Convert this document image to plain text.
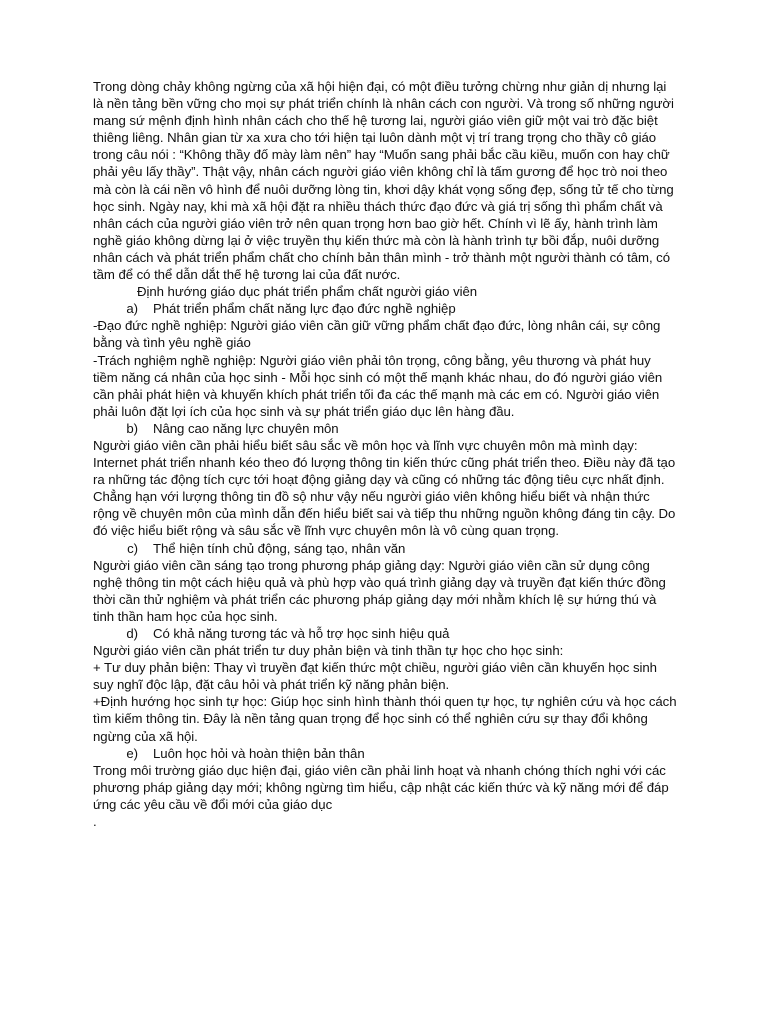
Trong dòng chảy không ngừng của xã hội hiện đại, có một điều tưởng chừng như giản dị nhưng lại là nền tảng bền vững cho mọi sự phát triển chính là nhân cách con người. Và trong số những người mang sứ mệnh định hình nhân cách cho thế hệ tương lai, người giáo viên giữ một vai trò đặc biệt thiêng liêng. Nhân gian từ xa xưa cho tới hiện tại luôn dành một vị trí trang trọng cho thầy cô giáo trong câu nói : “Không thầy đố mày làm nên” hay “Muốn sang phải bắc cầu kiều, muốn con hay chữ phải yêu lấy thầy”. Thật vậy, nhân cách người giáo viên không chỉ là tấm gương để học trò noi theo mà còn là cái nền vô hình để nuôi dưỡng lòng tin, khơi dậy khát vọng sống đẹp, sống tử tế cho từng học sinh. Ngày nay, khi mà xã hội đặt ra nhiều thách thức đạo đức và giá trị sống thì phẩm chất và nhân cách của người giáo viên trở nên quan trọng hơn bao giờ hết. Chính vì lẽ ấy, hành trình làm nghề giáo không dừng lại ở việc truyền thụ kiến thức mà còn là hành trình tự bồi đắp, nuôi dưỡng nhân cách và phát triển phẩm chất cho chính bản thân mình - trở thành một người thành có tâm, có tầm để có thể dẫn dắt thế hệ tương lai của đất nước.

Định hướng giáo dục phát triển phẩm chất người giáo viên

a)	Phát triển phẩm chất năng lực đạo đức nghề nghiệp

-Đạo đức nghề nghiệp: Người giáo viên cần giữ vững phẩm chất đạo đức, lòng nhân cái, sự công bằng và tình yêu nghề giáo

-Trách nghiệm nghề nghiệp: Người giáo viên phải tôn trọng, công bằng, yêu thương và phát huy tiềm năng cá nhân của học sinh - Mỗi học sinh có một thế mạnh khác nhau, do đó người giáo viên cần phải phát hiện và khuyến khích phát triển tối đa các thế mạnh mà các em có. Người giáo viên phải luôn đặt lợi ích của học sinh và sự phát triển giáo dục lên hàng đầu.

b)	Nâng cao năng lực chuyên môn

Người giáo viên cần phải hiểu biết sâu sắc về môn học và lĩnh vực chuyên môn mà mình dạy: Internet phát triển nhanh kéo theo đó lượng thông tin kiến thức cũng phát triển theo. Điều này đã tạo ra những tác động tích cực tới hoạt động giảng dạy và cũng có những tác động tiêu cực nhất định. Chẳng hạn với lượng thông tin đồ sộ như vậy nếu người giáo viên không hiểu biết và nhận thức rộng về chuyên môn của mình dẫn đến hiểu biết sai và tiếp thu những nguồn không đáng tin cậy. Do đó việc hiểu biết rộng và sâu sắc về lĩnh vực chuyên môn là vô cùng quan trọng.

c)	Thể hiện tính chủ động, sáng tạo, nhân văn

Người giáo viên cần sáng tạo trong phương pháp giảng dạy: Người giáo viên cần sử dụng công nghệ thông tin một cách hiệu quả và phù hợp vào quá trình giảng dạy và truyền đạt kiến thức đồng thời cần thử nghiệm và phát triển các phương pháp giảng dạy mới nhằm khích lệ sự hứng thú và tinh thần ham học của học sinh.

d)	Có khả năng tương tác và hỗ trợ học sinh hiệu quả

Người giáo viên cần phát triển tư duy phản biện và tinh thần tự học cho học sinh:

+ Tư duy phản biện: Thay vì truyền đạt kiến thức một chiều, người giáo viên cần khuyến học sinh suy nghĩ độc lập, đặt câu hỏi và phát triển kỹ năng phản biện.

+Định hướng học sinh tự học: Giúp học sinh hình thành thói quen tự học, tự nghiên cứu và học cách tìm kiếm thông tin. Đây là nền tảng quan trọng để học sinh có thể nghiên cứu sự thay đổi không ngừng của xã hội.

e)	Luôn học hỏi và hoàn thiện bản thân

Trong môi trường giáo dục hiện đại, giáo viên cần phải linh hoạt và nhanh chóng thích nghi với các phương pháp giảng dạy mới; không ngừng tìm hiểu, cập nhật các kiến thức và kỹ năng mới để đáp ứng các yêu cầu về đổi mới của giáo dục

.
